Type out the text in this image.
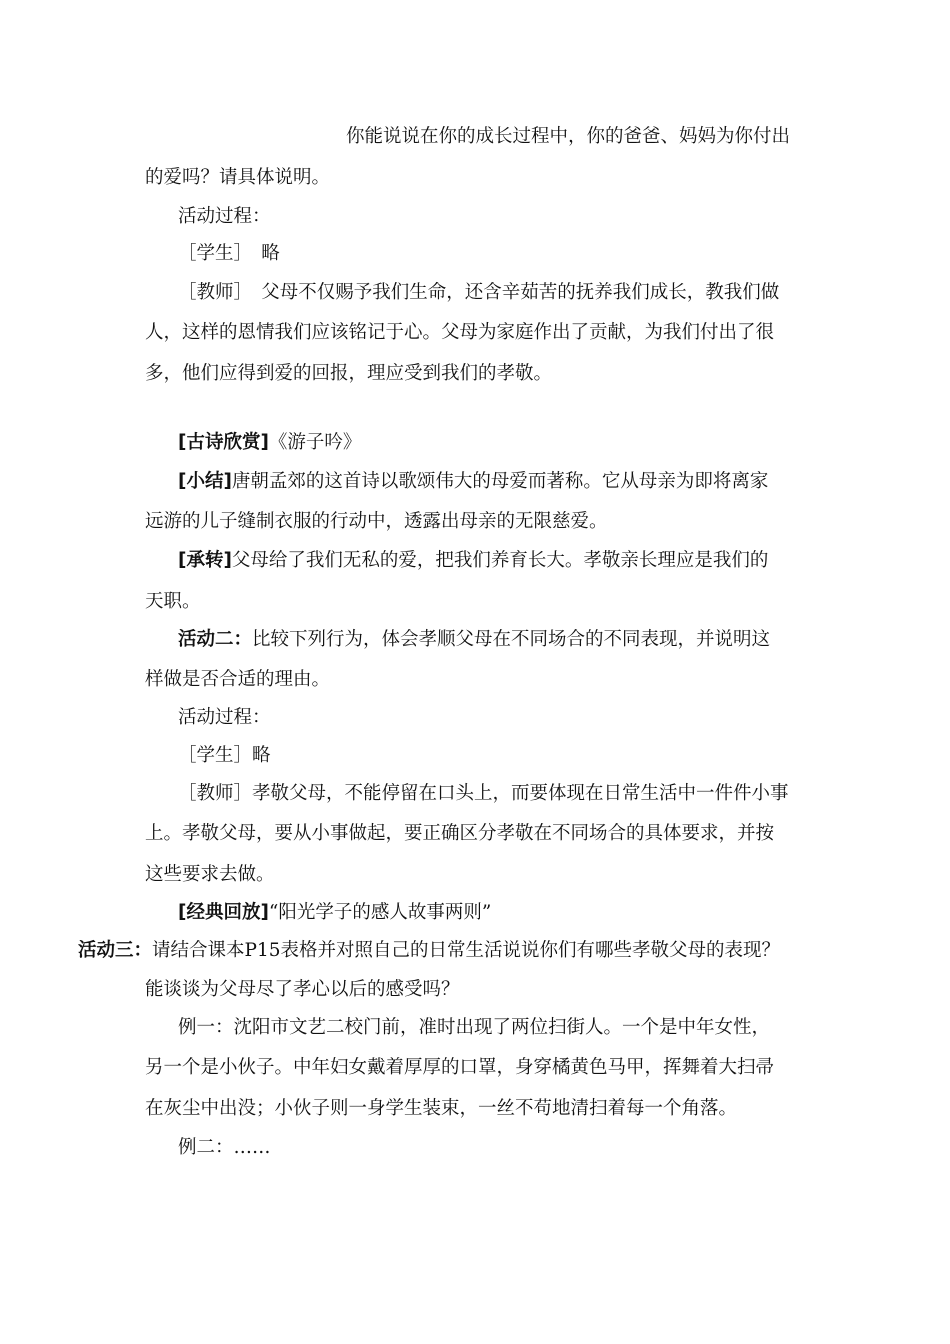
你能说说在你的成长过程中，你的爸爸、妈妈为你付出

的爱吗？请具体说明。

活动过程：

［学生］　略

［教师］　父母不仅赐予我们生命，还含辛茹苦的抚养我们成长，教我们做

人，这样的恩情我们应该铭记于心。父母为家庭作出了贡献，为我们付出了很

多，他们应得到爱的回报，理应受到我们的孝敬。

[古诗欣赏]《游子吟》

[小结]唐朝孟郊的这首诗以歌颂伟大的母爱而著称。它从母亲为即将离家

远游的儿子缝制衣服的行动中，透露出母亲的无限慈爱。

[承转]父母给了我们无私的爱，把我们养育长大。孝敬亲长理应是我们的

天职。

活动二：比较下列行为，体会孝顺父母在不同场合的不同表现，并说明这

样做是否合适的理由。

活动过程：

［学生］略

［教师］孝敬父母，不能停留在口头上，而要体现在日常生活中一件件小事

上。孝敬父母，要从小事做起，要正确区分孝敬在不同场合的具体要求，并按

这些要求去做。

[经典回放]“阳光学子的感人故事两则”

活动三：请结合课本P15表格并对照自己的日常生活说说你们有哪些孝敬父母的表现？

能谈谈为父母尽了孝心以后的感受吗？

例一：沈阳市文艺二校门前，准时出现了两位扫街人。一个是中年女性，

另一个是小伙子。中年妇女戴着厚厚的口罩，身穿橘黄色马甲，挥舞着大扫帚

在灰尘中出没；小伙子则一身学生装束，一丝不苟地清扫着每一个角落。

例二：……
